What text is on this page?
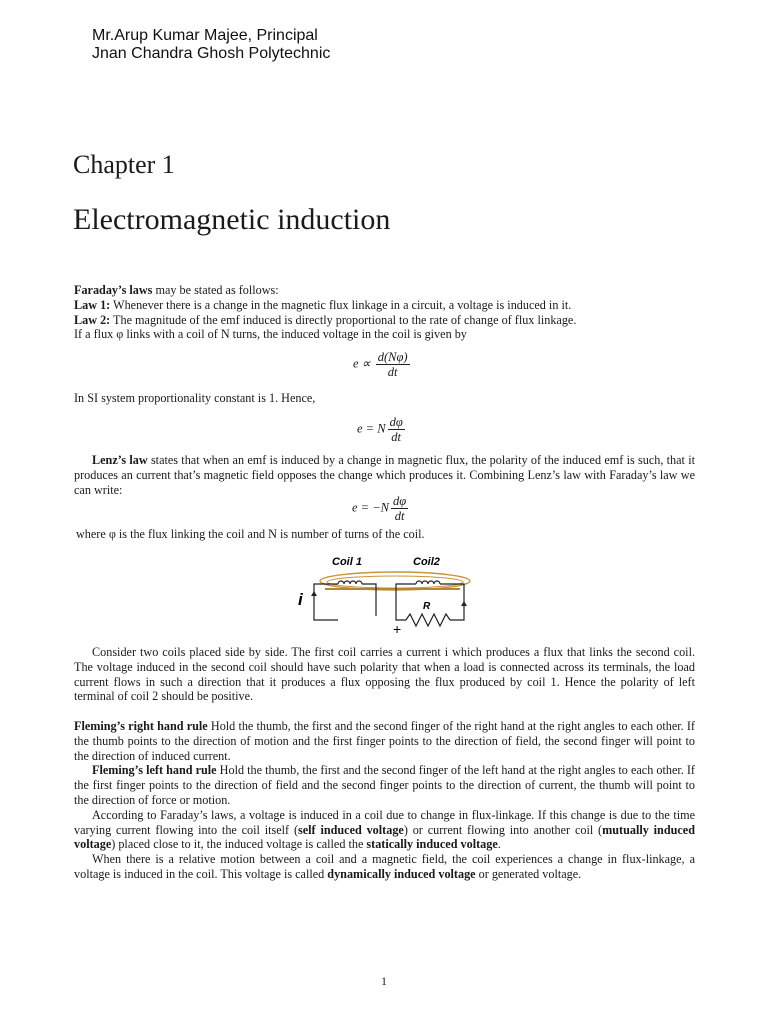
Mr.Arup Kumar Majee, Principal
Jnan Chandra Ghosh Polytechnic
Chapter 1
Electromagnetic induction

Faraday’s laws may be stated as follows:

Law 1: Whenever there is a change in the magnetic flux linkage in a circuit, a voltage is induced in it.

Law 2: The magnitude of the emf induced is directly proportional to the rate of change of flux linkage.

If a flux φ links with a coil of N turns, the induced voltage in the coil is given by

$e \propto \frac{d(N\varphi)}{dt}$
In SI system proportionality constant is 1. Hence,
e = N $\frac{d\varphi}{dt}$

Lenz’s law states that when an emf is induced by a change in magnetic flux, the polarity of the induced emf is such, that it produces an current that’s magnetic field opposes the change which produces it. Combining Lenz’s law with Faraday’s law we can write:

$e = -N \frac{d\varphi}{dt}$
where φ is the flux linking the coil and N is number of turns of the coil.
Coil 1	Coil2
i	R
+

Consider two coils placed side by side. The first coil carries a current i which produces a flux that links the second coil. The voltage induced in the second coil should have such polarity that when a load is connected across its terminals, the load current flows in such a direction that it produces a flux opposing the flux produced by coil 1. Hence the polarity of left terminal of coil 2 should be positive.

Fleming’s right hand rule Hold the thumb, the first and the second finger of the right hand at the right angles to each other. If the thumb points to the direction of motion and the first finger points to the direction of field, the second finger will point to the direction of induced current.

Fleming’s left hand rule Hold the thumb, the first and the second finger of the left hand at the right angles to each other. If the first finger points to the direction of field and the second finger points to the direction of current, the thumb will point to the direction of force or motion.

According to Faraday’s laws, a voltage is induced in a coil due to change in flux-linkage. If this change is due to the time varying current flowing into the coil itself (self induced voltage) or current flowing into another coil (mutually induced voltage) placed close to it, the induced voltage is called the statically induced voltage.

When there is a relative motion between a coil and a magnetic field, the coil experiences a change in flux-linkage, a voltage is induced in the coil. This voltage is called dynamically induced voltage or generated voltage.

1
